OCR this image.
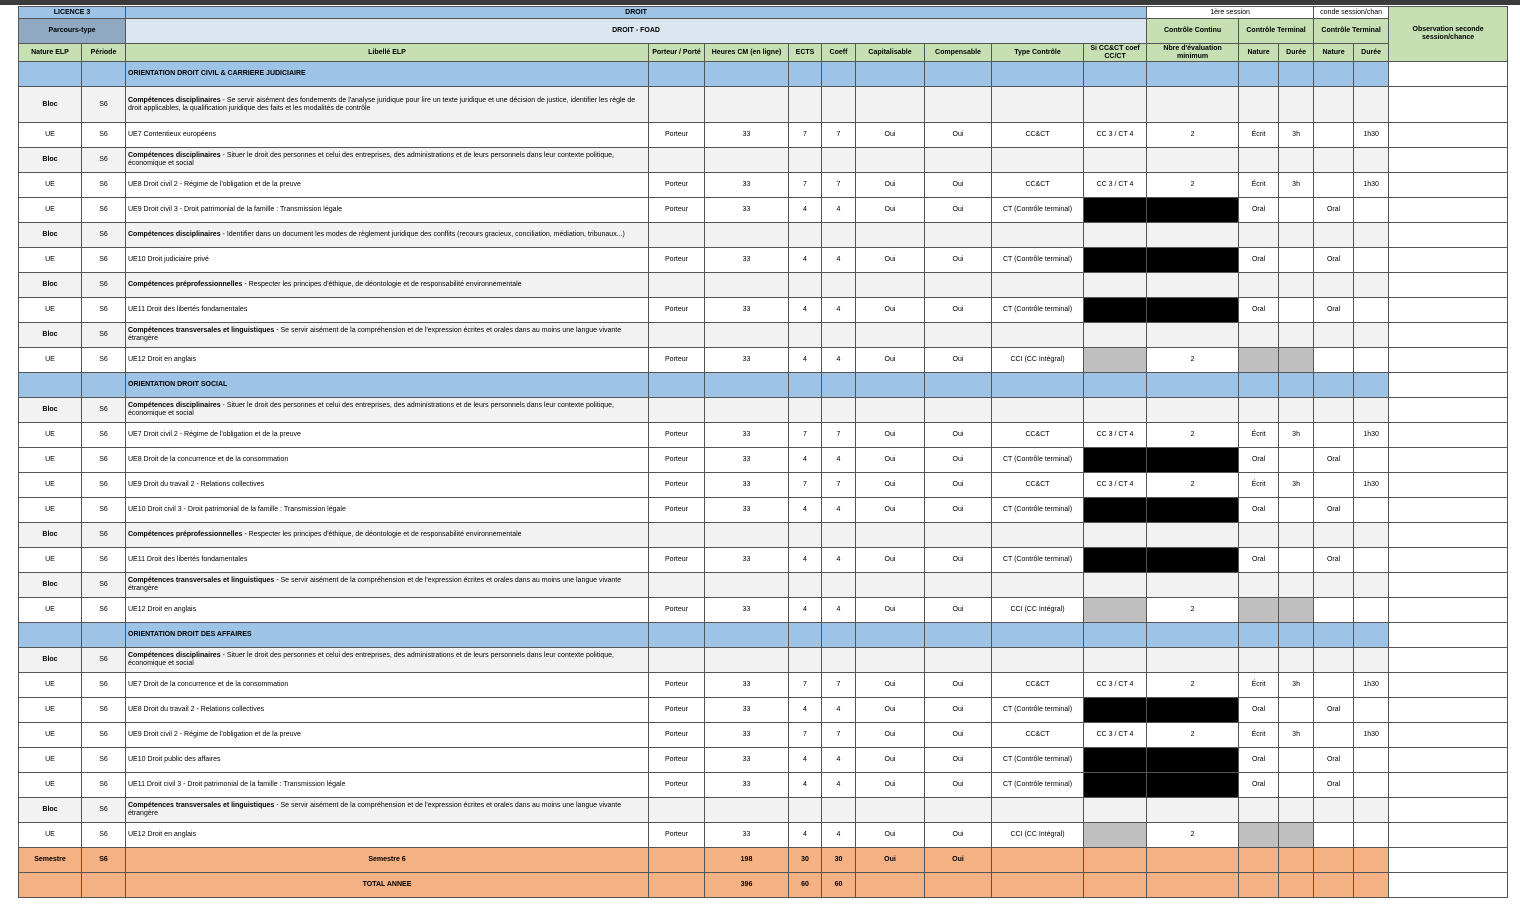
LICENCE 3		DROIT									1ère session			conde session/chan		Observation seconde session/chance
Parcours-type		DROIT - FOAD									Contrôle Continu	Contrôle Terminal		Contrôle Terminal		
Nature ELP	Période	Libellé ELP	Porteur / Porté	Heures CM (en ligne)	ECTS	Coeff	Capitalisable	Compensable	Type Contrôle	Si CC&CT coef CC/CT	Nbre d'évaluation minimum	Nature	Durée	Nature	Durée	
		ORIENTATION DROIT CIVIL & CARRIERE JUDICIAIRE														
Bloc	S6	Compétences disciplinaires - Se servir aisément des fondements de l'analyse juridique pour lire un texte juridique et une décision de justice, identifier les règle de droit applicables, la qualification juridique des faits et les modalités de contrôle														
UE	S6	UE7 Contentieux européens	Porteur	33	7	7	Oui	Oui	CC&CT	CC 3 / CT 4	2	Écrit	3h		1h30	
Bloc	S6	Compétences disciplinaires - Situer le droit des personnes et celui des entreprises, des administrations et de leurs personnels dans leur contexte politique, économique et social														
UE	S6	UE8 Droit civil 2 - Régime de l'obligation et de la preuve	Porteur	33	7	7	Oui	Oui	CC&CT	CC 3 / CT 4	2	Écrit	3h		1h30	
UE	S6	UE9 Droit civil 3 - Droit patrimonial de la famille : Transmission légale	Porteur	33	4	4	Oui	Oui	CT (Contrôle terminal)			Oral		Oral		
Bloc	S6	Compétences disciplinaires - Identifier dans un document les modes de règlement juridique des conflits (recours gracieux, conciliation, médiation, tribunaux...)														
UE	S6	UE10 Droit judiciaire privé	Porteur	33	4	4	Oui	Oui	CT (Contrôle terminal)			Oral		Oral		
Bloc	S6	Compétences préprofessionnelles - Respecter les principes d'éthique, de déontologie et de responsabilité environnementale														
UE	S6	UE11 Droit des libertés fondamentales	Porteur	33	4	4	Oui	Oui	CT (Contrôle terminal)			Oral		Oral		
Bloc	S6	Compétences transversales et linguistiques - Se servir aisément de la compréhension et de l'expression écrites et orales dans au moins une langue vivante étrangère														
UE	S6	UE12 Droit en anglais	Porteur	33	4	4	Oui	Oui	CCI (CC Intégral)		2					
		ORIENTATION DROIT SOCIAL														
Bloc	S6	Compétences disciplinaires - Situer le droit des personnes et celui des entreprises, des administrations et de leurs personnels dans leur contexte politique, économique et social														
UE	S6	UE7 Droit civil 2 - Régime de l'obligation et de la preuve	Porteur	33	7	7	Oui	Oui	CC&CT	CC 3 / CT 4	2	Écrit	3h		1h30	
UE	S6	UE8 Droit de la concurrence et de la consommation	Porteur	33	4	4	Oui	Oui	CT (Contrôle terminal)			Oral		Oral		
UE	S6	UE9 Droit du travail 2 - Relations collectives	Porteur	33	7	7	Oui	Oui	CC&CT	CC 3 / CT 4	2	Écrit	3h		1h30	
UE	S6	UE10 Droit civil 3 - Droit patrimonial de la famille : Transmission légale	Porteur	33	4	4	Oui	Oui	CT (Contrôle terminal)			Oral		Oral		
Bloc	S6	Compétences préprofessionnelles - Respecter les principes d'éthique, de déontologie et de responsabilité environnementale														
UE	S6	UE11 Droit des libertés fondamentales	Porteur	33	4	4	Oui	Oui	CT (Contrôle terminal)			Oral		Oral		
Bloc	S6	Compétences transversales et linguistiques - Se servir aisément de la compréhension et de l'expression écrites et orales dans au moins une langue vivante étrangère														
UE	S6	UE12 Droit en anglais	Porteur	33	4	4	Oui	Oui	CCI (CC Intégral)		2					
		ORIENTATION DROIT DES AFFAIRES														
Bloc	S6	Compétences disciplinaires - Situer le droit des personnes et celui des entreprises, des administrations et de leurs personnels dans leur contexte politique, économique et social														
UE	S6	UE7 Droit de la concurrence et de la consommation	Porteur	33	7	7	Oui	Oui	CC&CT	CC 3 / CT 4	2	Écrit	3h		1h30	
UE	S6	UE8 Droit du travail 2 - Relations collectives	Porteur	33	4	4	Oui	Oui	CT (Contrôle terminal)			Oral		Oral		
UE	S6	UE9 Droit civil 2 - Régime de l'obligation et de la preuve	Porteur	33	7	7	Oui	Oui	CC&CT	CC 3 / CT 4	2	Écrit	3h		1h30	
UE	S6	UE10 Droit public des affaires	Porteur	33	4	4	Oui	Oui	CT (Contrôle terminal)			Oral		Oral		
UE	S6	UE11 Droit civil 3 - Droit patrimonial de la famille : Transmission légale	Porteur	33	4	4	Oui	Oui	CT (Contrôle terminal)			Oral		Oral		
Bloc	S6	Compétences transversales et linguistiques - Se servir aisément de la compréhension et de l'expression écrites et orales dans au moins une langue vivante étrangère														
UE	S6	UE12 Droit en anglais	Porteur	33	4	4	Oui	Oui	CCI (CC Intégral)		2					
Semestre	S6	Semestre 6		198	30	30	Oui	Oui								
		TOTAL ANNEE		396	60	60										
